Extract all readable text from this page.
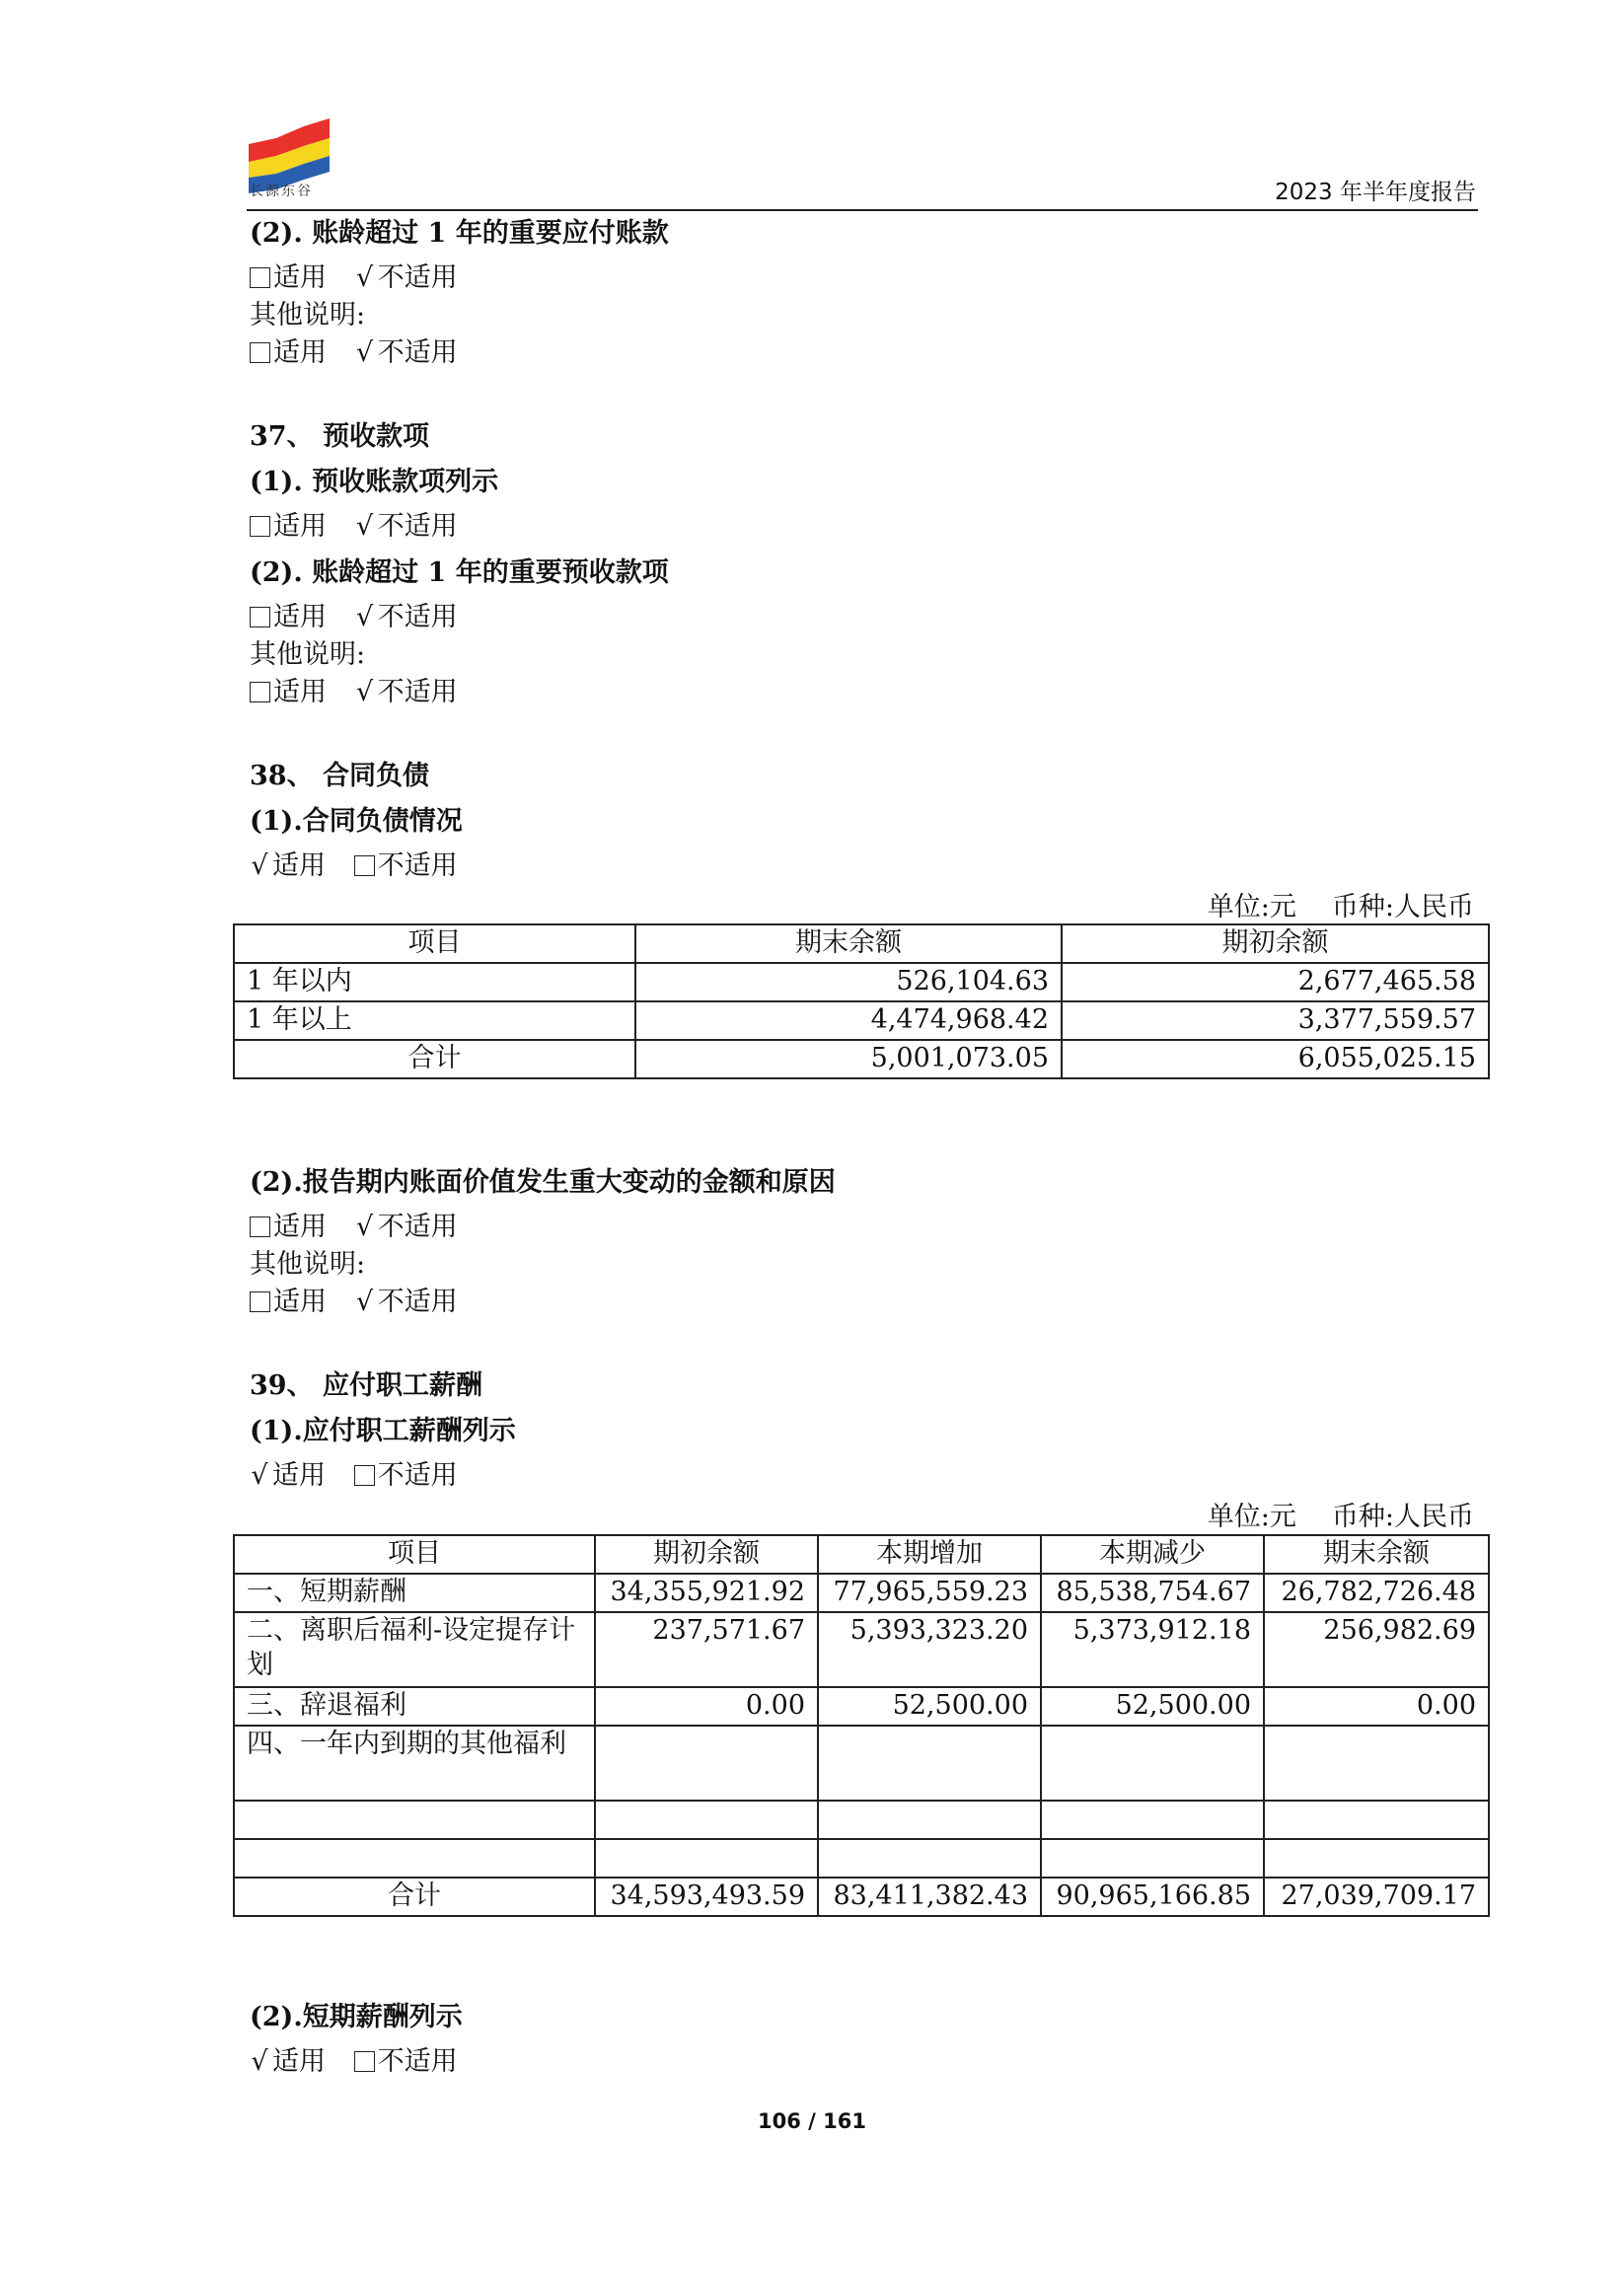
长源东谷	2023 年半年度报告
(2). 账龄超过 1 年的重要应付账款
适用 √ 不适用
其他说明:
适用 √ 不适用
37、 预收款项
(1). 预收账款项列示
适用 √ 不适用
(2). 账龄超过 1 年的重要预收款项
适用 √ 不适用
其他说明:
适用 √ 不适用
38、 合同负债
(1).合同负债情况
√ 适用 不适用
单位:元 币种:人民币
项目	期末余额	期初余额
1 年以内	526,104.63	2,677,465.58
1 年以上	4,474,968.42	3,377,559.57
合计	5,001,073.05	6,055,025.15
(2).报告期内账面价值发生重大变动的金额和原因
适用 √ 不适用
其他说明:
适用 √ 不适用
39、 应付职工薪酬
(1).应付职工薪酬列示
√ 适用 不适用
单位:元 币种:人民币
项目	期初余额	本期增加	本期减少	期末余额
一、短期薪酬	34,355,921.92	77,965,559.23	85,538,754.67	26,782,726.48
二、离职后福利-设定提存计划	237,571.67	5,393,323.20	5,373,912.18	256,982.69
三、辞退福利	0.00	52,500.00	52,500.00	0.00
四、一年内到期的其他福利				

合计	34,593,493.59	83,411,382.43	90,965,166.85	27,039,709.17
(2).短期薪酬列示
√ 适用 不适用
106 / 161
